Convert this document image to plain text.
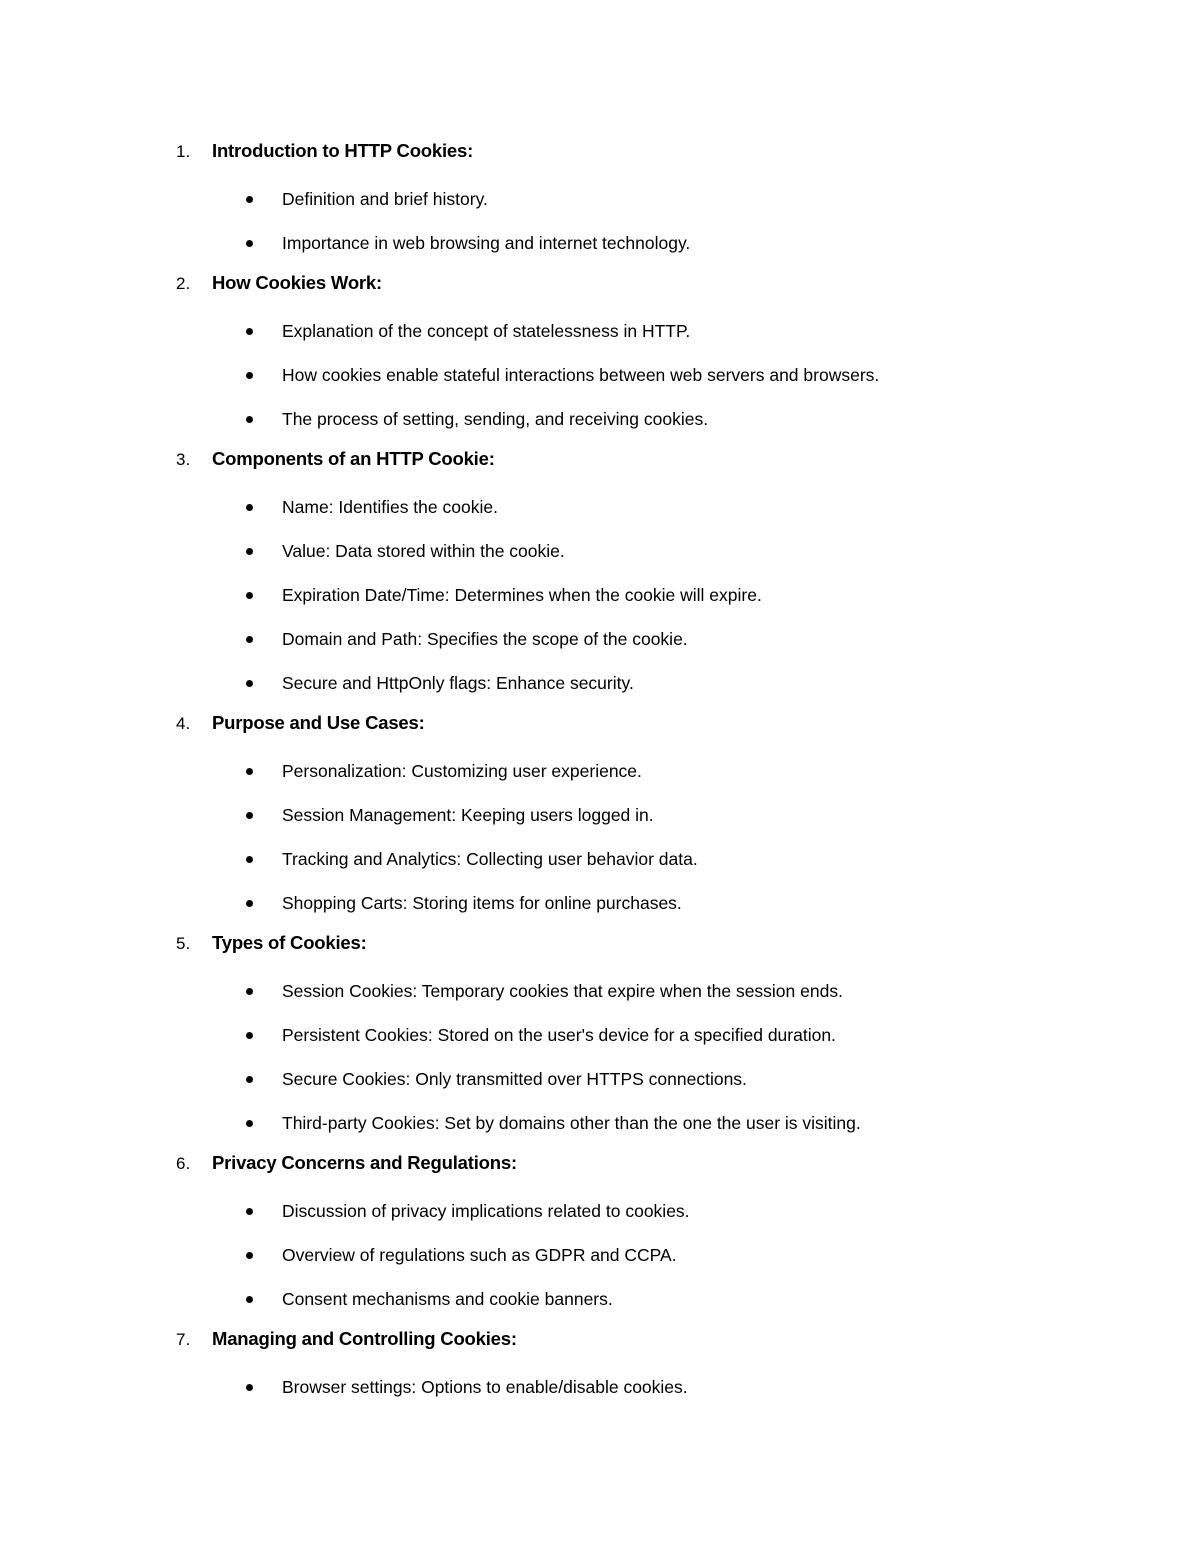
1.	Introduction to HTTP Cookies:
Definition and brief history.
Importance in web browsing and internet technology.
2.	How Cookies Work:
Explanation of the concept of statelessness in HTTP.
How cookies enable stateful interactions between web servers and browsers.
The process of setting, sending, and receiving cookies.
3.	Components of an HTTP Cookie:
Name: Identifies the cookie.
Value: Data stored within the cookie.
Expiration Date/Time: Determines when the cookie will expire.
Domain and Path: Specifies the scope of the cookie.
Secure and HttpOnly flags: Enhance security.
4.	Purpose and Use Cases:
Personalization: Customizing user experience.
Session Management: Keeping users logged in.
Tracking and Analytics: Collecting user behavior data.
Shopping Carts: Storing items for online purchases.
5.	Types of Cookies:
Session Cookies: Temporary cookies that expire when the session ends.
Persistent Cookies: Stored on the user's device for a specified duration.
Secure Cookies: Only transmitted over HTTPS connections.
Third-party Cookies: Set by domains other than the one the user is visiting.
6.	Privacy Concerns and Regulations:
Discussion of privacy implications related to cookies.
Overview of regulations such as GDPR and CCPA.
Consent mechanisms and cookie banners.
7.	Managing and Controlling Cookies:
Browser settings: Options to enable/disable cookies.
